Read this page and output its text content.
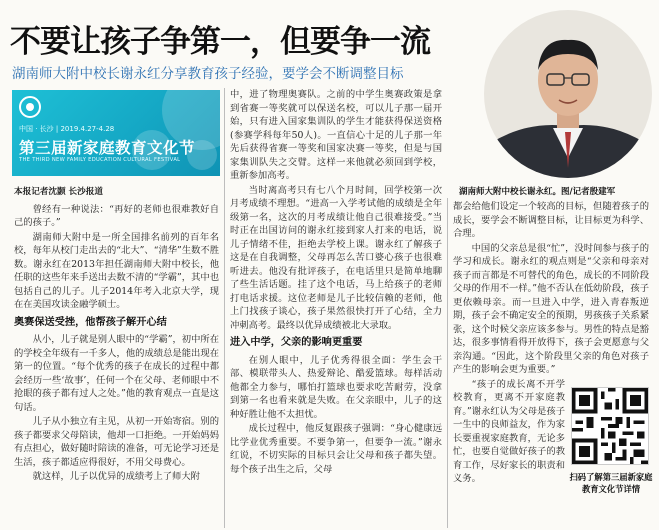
不要让孩子争第一，但要争一流
湖南师大附中校长谢永红分享教育孩子经验，要学会不断调整目标
中国 · 长沙 | 2019.4.27-4.28
第三届新家庭教育文化节
THE THIRD NEW FAMILY EDUCATION CULTURAL FESTIVAL
湖南师大附中校长谢永红。图/记者殷建军

本报记者沈颢 长沙报道

曾经有一种说法：“再好的老师也很难教好自己的孩子。”

湖南师大附中是一所全国排名前列的百年名校，每年从校门走出去的“北大”、“清华”生数不胜数。谢永红在2013年担任湖南师大附中校长，他任职的这些年来手送出去数不清的“学霸”，其中也包括自己的儿子。儿子2014年考入北京大学，现在在美国攻读金融学硕士。

奥赛保送受挫，他帮孩子解开心结

从小，儿子就是别人眼中的“学霸”，初中所在的学校全年级有一千多人，他的成绩总是能出现在第一的位置。“每个优秀的孩子在成长的过程中都会经历一些‘故事’，任何一个在父母、老师眼中不抢眼的孩子都有过人之处。”他的教育观点一直是这句话。

儿子从小独立有主见，从初一开始寄宿。别的孩子都要求父母陪读，他却一口拒绝。一开始妈妈有点担心，做好随时陪读的准备，可无论学习还是生活，孩子都适应得很好，不用父母费心。

就这样，儿子以优异的成绩考上了师大附

中，进了物理奥赛队。之前的中学生奥赛政策是拿到省赛一等奖就可以保送名校，可以儿子那一届开始，只有进入国家集训队的学生才能获得保送资格(参赛学科每年50人)。一直信心十足的儿子那一年先后获得省赛一等奖和国家决赛一等奖，但是与国家集训队失之交臂。这样一来他就必须回到学校，重新参加高考。

当时离高考只有七八个月时间，回学校第一次月考成绩不理想。“进高一入学考试他的成绩是全年级第一名，这次的月考成绩让他自己很难接受。”当时正在出国访问的谢永红接到家人打来的电话，说儿子情绪不佳，拒绝去学校上课。谢永红了解孩子这是在自我调整，父母再怎么苦口婆心孩子也很难听进去。他没有批评孩子，在电话里只是简单地聊了些生活话题。挂了这个电话，马上给孩子的老师打电话求援。这位老师是儿子比较信赖的老师，他上门找孩子谈心，孩子果然很快打开了心结，全力冲刺高考。最终以优异成绩被北大录取。

进入中学，父亲的影响更重要

在别人眼中，儿子优秀得很全面：学生会干部、模联带头人、热爱辩论、酷爱篮球。每样活动他都全力参与，哪怕打篮球也要求吃苦耐劳，没拿到第一名也看来就是失败。在父亲眼中，儿子的这种好胜让他不太担忧。

成长过程中，他反复跟孩子强调：“身心健康远比学业优秀重要。不要争第一，但要争一流。”谢永红说，不切实际的目标只会让父母和孩子都失望。每个孩子出生之后，父母

都会给他们设定一个较高的目标，但随着孩子的成长，要学会不断调整目标，让目标更为科学、合理。

中国的父亲总是很“忙”，没时间参与孩子的学习和成长。谢永红的观点则是“父亲和母亲对孩子而言都是不可替代的角色，成长的不同阶段父母的作用不一样。”他不否认在低幼阶段，孩子更依赖母亲。而一旦进入中学，进入青春叛逆期，孩子会不确定安全的预期，男孩孩子关系紧张，这个时候父亲应该多参与。男性的特点是豁达，很多事情看得开放得下，孩子会更愿意与父亲沟通。“因此，这个阶段里父亲的角色对孩子产生的影响会更为重要。”

“孩子的成长离不开学校教育，更离不开家庭教育。”谢永红认为父母是孩子一生中的良师益友，作为家长要重视家庭教育，无论多忙，也要自觉做好孩子的教育工作，尽好家长的职责和义务。	扫码了解第三届新家庭教育文化节详情
